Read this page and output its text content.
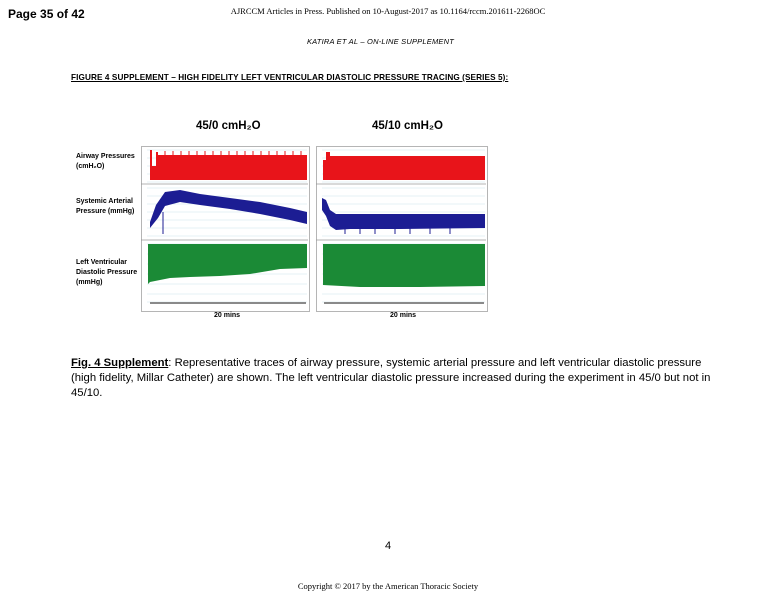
Page 35 of 42	AJRCCM Articles in Press. Published on 10-August-2017 as 10.1164/rccm.201611-2268OC
KATIRA ET AL – ON-LINE SUPPLEMENT
FIGURE 4 SUPPLEMENT – HIGH FIDELITY LEFT VENTRICULAR DIASTOLIC PRESSURE TRACING (SERIES 5):
45/0 cmH₂O	45/10 cmH₂O
Airway Pressures (cmH₂O)
Systemic Arterial Pressure (mmHg)
Left Ventricular Diastolic Pressure (mmHg)
20 mins	20 mins
Fig. 4 Supplement: Representative traces of airway pressure, systemic arterial pressure and left ventricular diastolic pressure (high fidelity, Millar Catheter) are shown. The left ventricular diastolic pressure increased during the experiment in 45/0 but not in 45/10.
4
Copyright © 2017 by the American Thoracic Society
